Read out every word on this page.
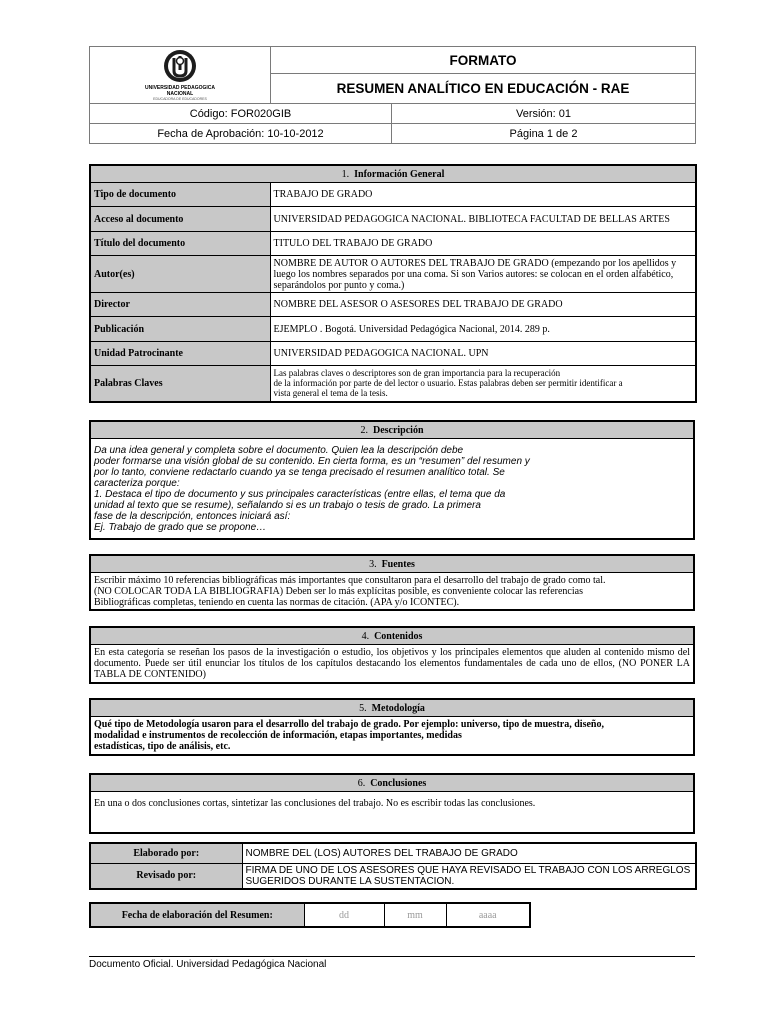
UNIVERSIDAD PEDAGOGICA
NACIONAL
EDUCADORA DE EDUCADORES	FORMATO	
	RESUMEN ANALÍTICO EN EDUCACIÓN - RAE	
Código: FOR020GIB		Versión: 01
Fecha de Aprobación: 10-10-2012		Página 1 de 2
1. Información General	
Tipo de documento	TRABAJO DE GRADO
Acceso al documento	UNIVERSIDAD PEDAGOGICA NACIONAL. BIBLIOTECA FACULTAD DE BELLAS ARTES
Título del documento	TITULO DEL TRABAJO DE GRADO
Autor(es)	NOMBRE DE AUTOR O AUTORES DEL TRABAJO DE GRADO (empezando por los apellidos y luego los nombres separados por una coma. Si son Varios autores: se colocan en el orden alfabético, separándolos por punto y coma.)
Director	NOMBRE DEL ASESOR O ASESORES DEL TRABAJO DE GRADO
Publicación	EJEMPLO . Bogotá. Universidad Pedagógica Nacional, 2014. 289 p.
Unidad Patrocinante	UNIVERSIDAD PEDAGOGICA NACIONAL. UPN
Palabras Claves	Las palabras claves o descriptores son de gran importancia para la recuperación
de la información por parte de del lector o usuario. Estas palabras deben ser permitir identificar a
vista general el tema de la tesis.
2. Descripción
Da una idea general y completa sobre el documento. Quien lea la descripción debe
poder formarse una visión global de su contenido. En cierta forma, es un “resumen” del resumen y
por lo tanto, conviene redactarlo cuando ya se tenga precisado el resumen analítico total. Se
caracteriza porque:
1. Destaca el tipo de documento y sus principales características (entre ellas, el tema que da
unidad al texto que se resume), señalando si es un trabajo o tesis de grado. La primera
fase de la descripción, entonces iniciará así:
Ej. Trabajo de grado que se propone…
3. Fuentes
Escribir máximo 10 referencias bibliográficas más importantes que consultaron para el desarrollo del trabajo de grado como tal.
(NO COLOCAR TODA LA BIBLIOGRAFIA) Deben ser lo más explícitas posible, es conveniente colocar las referencias
Bibliográficas completas, teniendo en cuenta las normas de citación. (APA y/o ICONTEC).
4. Contenidos
En esta categoría se reseñan los pasos de la investigación o estudio, los objetivos y los principales elementos que aluden al contenido mismo del documento. Puede ser útil enunciar los títulos de los capítulos destacando los elementos fundamentales de cada uno de ellos, (NO PONER LA TABLA DE CONTENIDO)
5. Metodología
Qué tipo de Metodología usaron para el desarrollo del trabajo de grado. Por ejemplo: universo, tipo de muestra, diseño,
modalidad e instrumentos de recolección de información, etapas importantes, medidas
estadísticas, tipo de análisis, etc.
6. Conclusiones
En una o dos conclusiones cortas, sintetizar las conclusiones del trabajo. No es escribir todas las conclusiones.
Elaborado por:	NOMBRE DEL (LOS) AUTORES DEL TRABAJO DE GRADO
Revisado por:	FIRMA DE UNO DE LOS ASESORES QUE HAYA REVISADO EL TRABAJO CON LOS ARREGLOS SUGERIDOS DURANTE LA SUSTENTACION.
Fecha de elaboración del Resumen:	dd	mm	aaaa
Documento Oficial. Universidad Pedagógica Nacional
